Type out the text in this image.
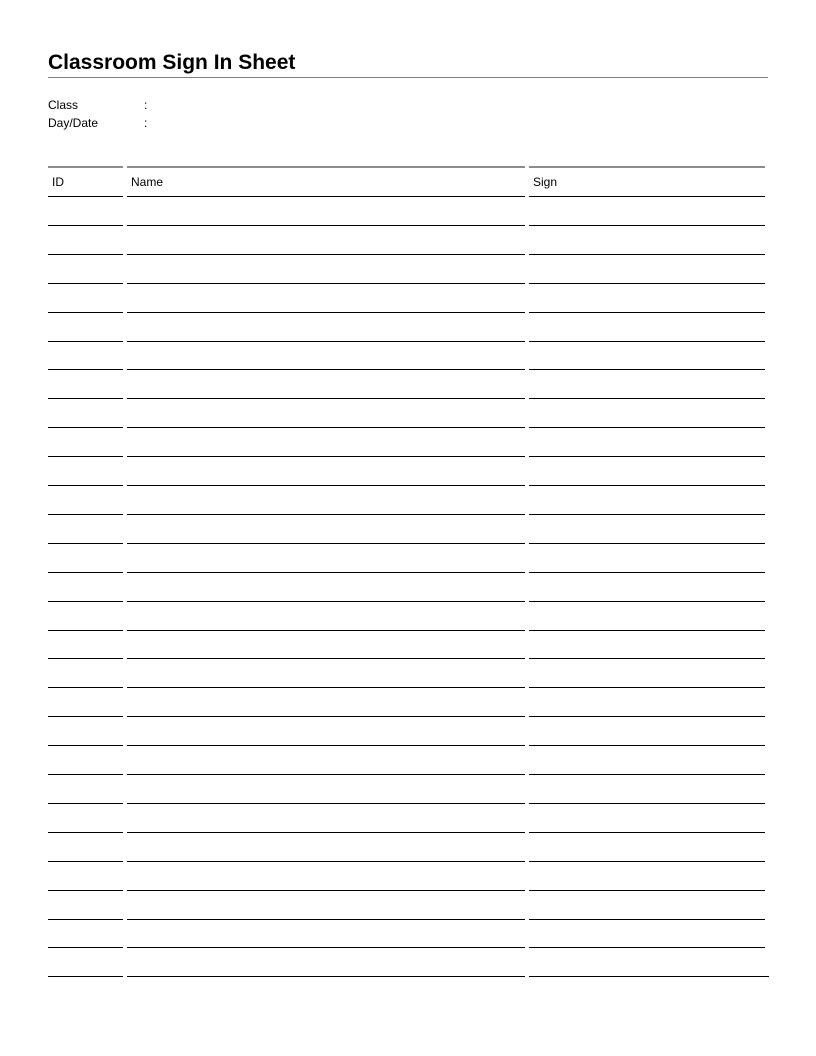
Classroom Sign In Sheet
Class	:
Day/Date	:
ID	Name	Sign
